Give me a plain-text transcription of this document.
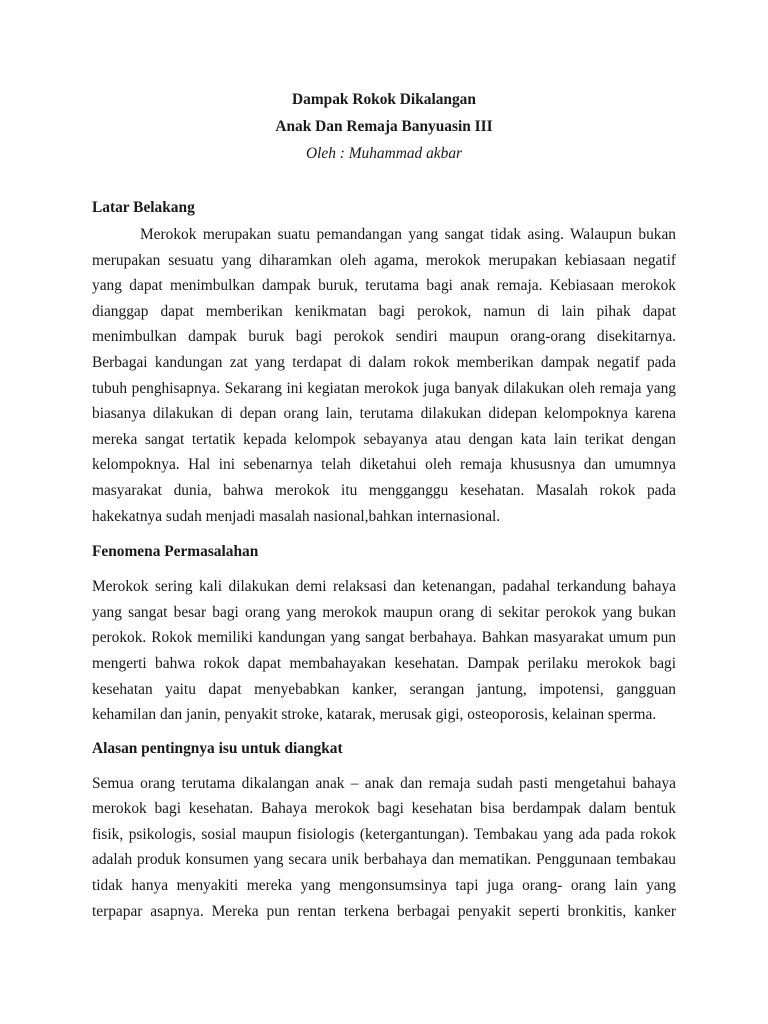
Dampak Rokok Dikalangan
Anak Dan Remaja Banyuasin III
Oleh : Muhammad akbar
Latar Belakang
Merokok merupakan suatu pemandangan yang sangat tidak asing. Walaupun bukan
merupakan sesuatu yang diharamkan oleh agama, merokok merupakan kebiasaan negatif
yang dapat menimbulkan dampak buruk, terutama bagi anak remaja. Kebiasaan merokok
dianggap dapat memberikan kenikmatan bagi perokok, namun di lain pihak dapat
menimbulkan dampak buruk bagi perokok sendiri maupun orang-orang disekitarnya.
Berbagai kandungan zat yang terdapat di dalam rokok memberikan dampak negatif pada
tubuh penghisapnya. Sekarang ini kegiatan merokok juga banyak dilakukan oleh remaja yang
biasanya dilakukan di depan orang lain, terutama dilakukan didepan kelompoknya karena
mereka sangat tertatik kepada kelompok sebayanya atau dengan kata lain terikat dengan
kelompoknya. Hal ini sebenarnya telah diketahui oleh remaja khususnya dan umumnya
masyarakat dunia, bahwa merokok itu mengganggu kesehatan. Masalah rokok pada
hakekatnya sudah menjadi masalah nasional,bahkan internasional.
Fenomena Permasalahan
Merokok sering kali dilakukan demi relaksasi dan ketenangan, padahal terkandung bahaya
yang sangat besar bagi orang yang merokok maupun orang di sekitar perokok yang bukan
perokok. Rokok memiliki kandungan yang sangat berbahaya. Bahkan masyarakat umum pun
mengerti bahwa rokok dapat membahayakan kesehatan. Dampak perilaku merokok bagi
kesehatan yaitu dapat menyebabkan kanker, serangan jantung, impotensi, gangguan
kehamilan dan janin, penyakit stroke, katarak, merusak gigi, osteoporosis, kelainan sperma.
Alasan pentingnya isu untuk diangkat
Semua orang terutama dikalangan anak – anak dan remaja sudah pasti mengetahui bahaya
merokok bagi kesehatan. Bahaya merokok bagi kesehatan bisa berdampak dalam bentuk
fisik, psikologis, sosial maupun fisiologis (ketergantungan). Tembakau yang ada pada rokok
adalah produk konsumen yang secara unik berbahaya dan mematikan. Penggunaan tembakau
tidak hanya menyakiti mereka yang mengonsumsinya tapi juga orang- orang lain yang
terpapar asapnya. Mereka pun rentan terkena berbagai penyakit seperti bronkitis, kanker
